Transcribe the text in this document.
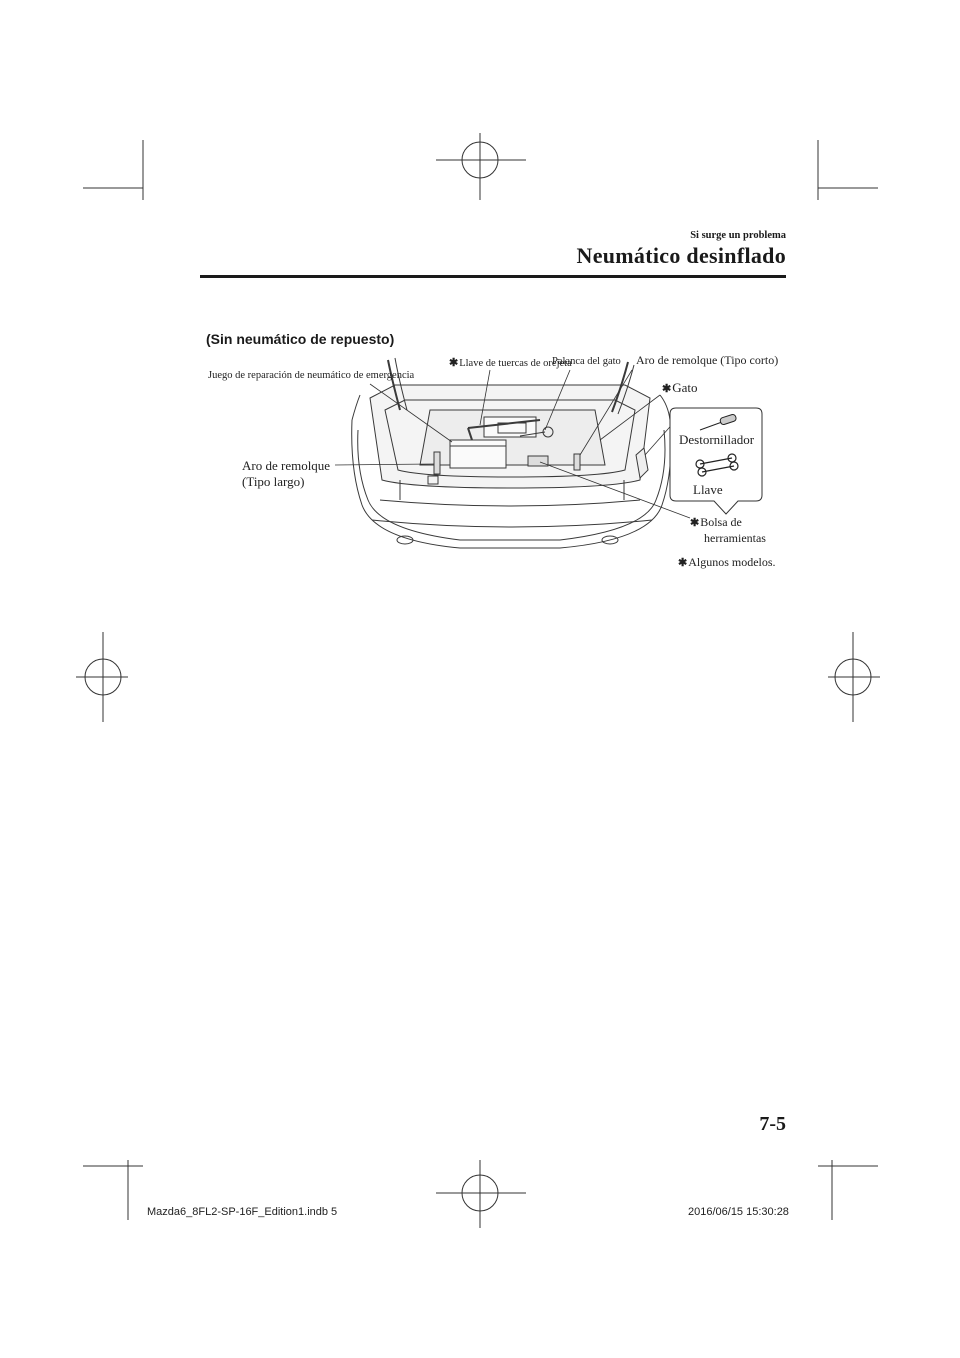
Si surge un problema
Neumático desinflado
(Sin neumático de repuesto)
Juego de reparación de neumático de emergencia
✱Llave de tuercas de orejeta
Palanca del gato Aro de remolque (Tipo corto)
✱Gato
Destornillador
Llave
Aro de remolque
(Tipo largo)
✱Bolsa de
herramientas
✱Algunos modelos.
7-5
Mazda6_8FL2-SP-16F_Edition1.indb 5	2016/06/15 15:30:28
